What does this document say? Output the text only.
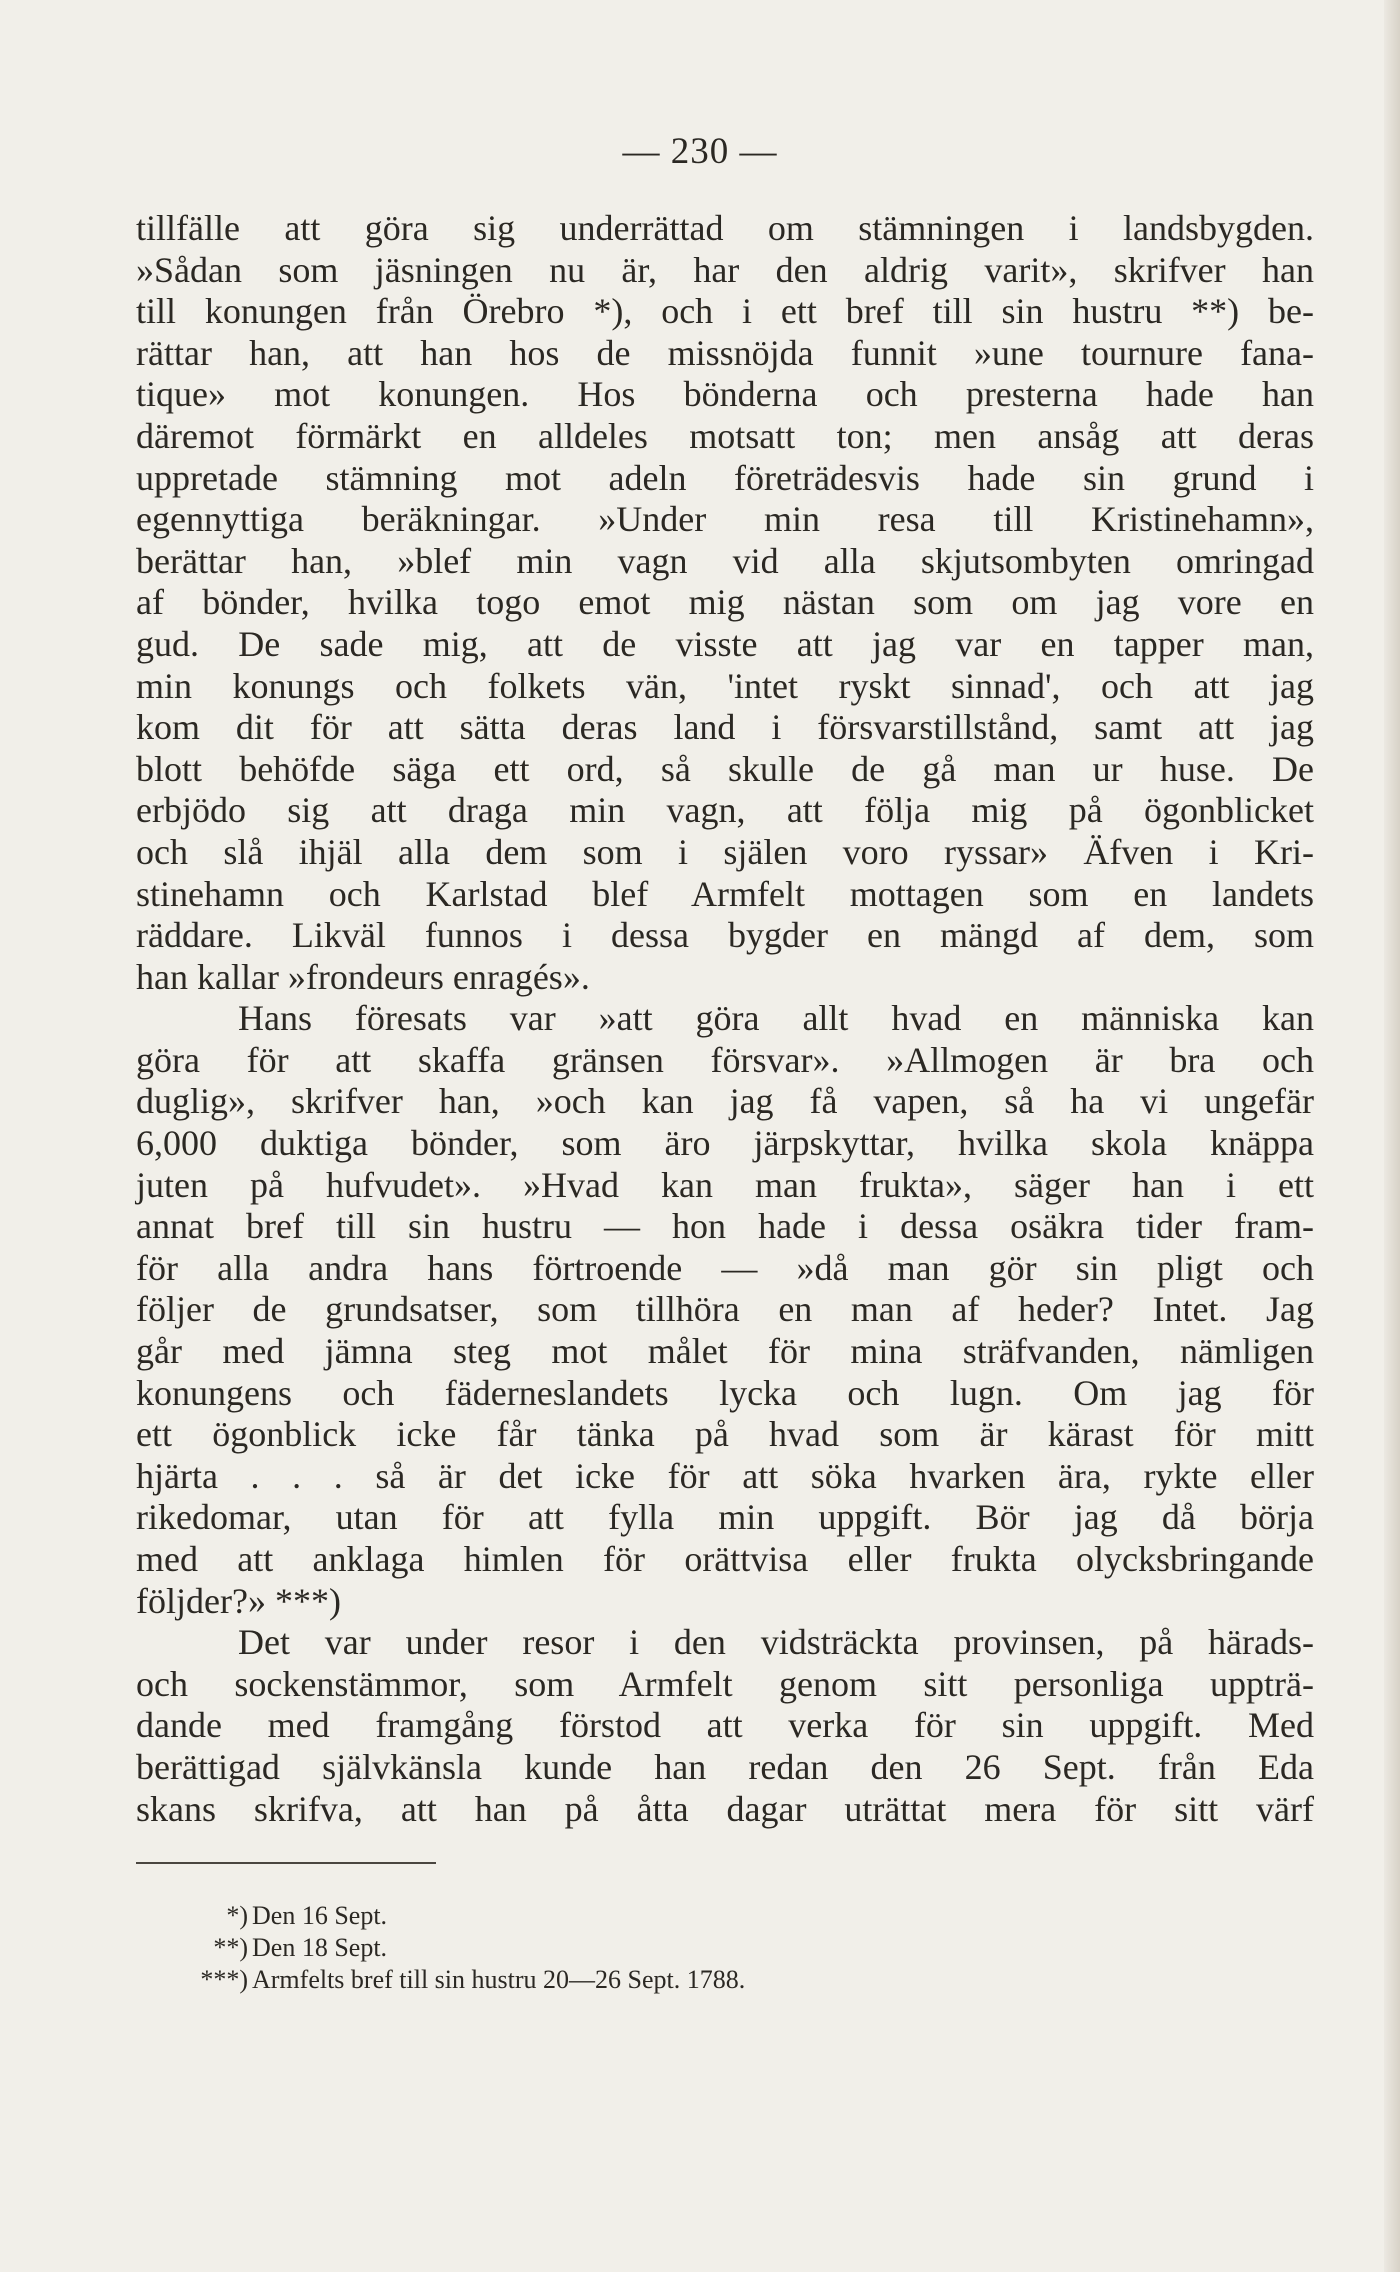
— 230 —
tillfälle att göra sig underrättad om stämningen i landsbygden.
»Sådan som jäsningen nu är, har den aldrig varit», skrifver han
till konungen från Örebro *), och i ett bref till sin hustru **) be-
rättar han, att han hos de missnöjda funnit »une tournure fana-
tique» mot konungen. Hos bönderna och presterna hade han
däremot förmärkt en alldeles motsatt ton; men ansåg att deras
uppretade stämning mot adeln företrädesvis hade sin grund i
egennyttiga beräkningar. »Under min resa till Kristinehamn»,
berättar han, »blef min vagn vid alla skjutsombyten omringad
af bönder, hvilka togo emot mig nästan som om jag vore en
gud. De sade mig, att de visste att jag var en tapper man,
min konungs och folkets vän, 'intet ryskt sinnad', och att jag
kom dit för att sätta deras land i försvarstillstånd, samt att jag
blott behöfde säga ett ord, så skulle de gå man ur huse. De
erbjödo sig att draga min vagn, att följa mig på ögonblicket
och slå ihjäl alla dem som i själen voro ryssar» Äfven i Kri-
stinehamn och Karlstad blef Armfelt mottagen som en landets
räddare. Likväl funnos i dessa bygder en mängd af dem, som
han kallar »frondeurs enragés».
Hans föresats var »att göra allt hvad en människa kan
göra för att skaffa gränsen försvar». »Allmogen är bra och
duglig», skrifver han, »och kan jag få vapen, så ha vi ungefär
6,000 duktiga bönder, som äro järpskyttar, hvilka skola knäppa
juten på hufvudet». »Hvad kan man frukta», säger han i ett
annat bref till sin hustru — hon hade i dessa osäkra tider fram-
för alla andra hans förtroende — »då man gör sin pligt och
följer de grundsatser, som tillhöra en man af heder? Intet. Jag
går med jämna steg mot målet för mina sträfvanden, nämligen
konungens och fäderneslandets lycka och lugn. Om jag för
ett ögonblick icke får tänka på hvad som är kärast för mitt
hjärta . . . så är det icke för att söka hvarken ära, rykte eller
rikedomar, utan för att fylla min uppgift. Bör jag då börja
med att anklaga himlen för orättvisa eller frukta olycksbringande
följder?» ***)
Det var under resor i den vidsträckta provinsen, på härads-
och sockenstämmor, som Armfelt genom sitt personliga uppträ-
dande med framgång förstod att verka för sin uppgift. Med
berättigad självkänsla kunde han redan den 26 Sept. från Eda
skans skrifva, att han på åtta dagar uträttat mera för sitt värf
*) Den 16 Sept.
**) Den 18 Sept.
***) Armfelts bref till sin hustru 20—26 Sept. 1788.
